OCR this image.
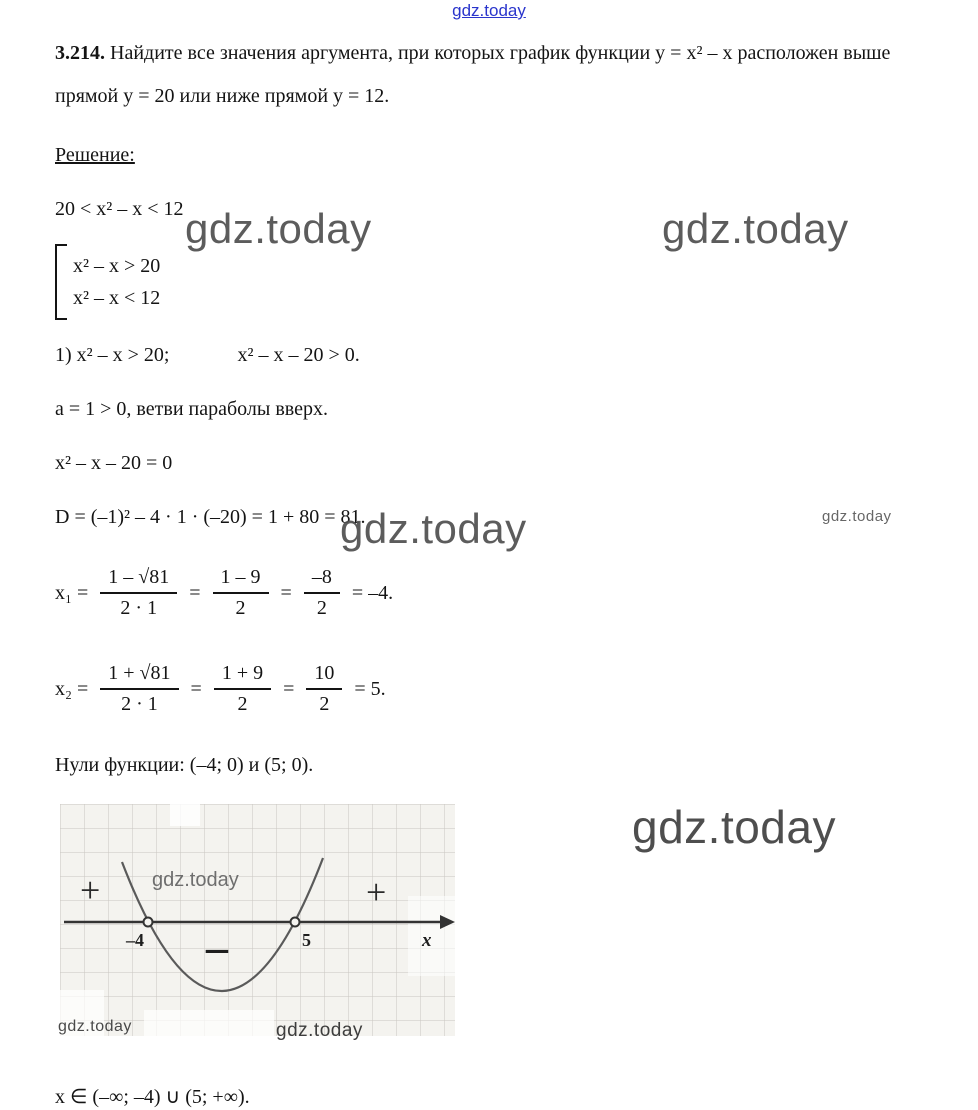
gdz.today

3.214. Найдите все значения аргумента, при которых график функции y = x² – x расположен выше прямой y = 20 или ниже прямой y = 12.

Решение:

20 < x² – x < 12

x² – x > 20
x² – x < 12

1) x² – x > 20;	x² – x – 20 > 0.

a = 1 > 0, ветви параболы вверх.

x² – x – 20 = 0

D = (–1)² – 4 · 1 · (–20) = 1 + 80 = 81.

$x_1 = \frac{1 - √81}{2 \cdot 1} = \frac{1 - 9}{2} = \frac{-8}{2} = -4$.
$x_2 = \frac{1 + √81}{2 \cdot 1} = \frac{1 + 9}{2} = \frac{10}{2} = 5$.

Нули функции: (–4; 0) и (5; 0).

+	+
–
–4	5	x
gdz.today

x ∈ (–∞; –4) ∪ (5; +∞).

gdz.today	gdz.today
gdz.today	gdz.today
gdz.today
gdz.today	gdz.today
